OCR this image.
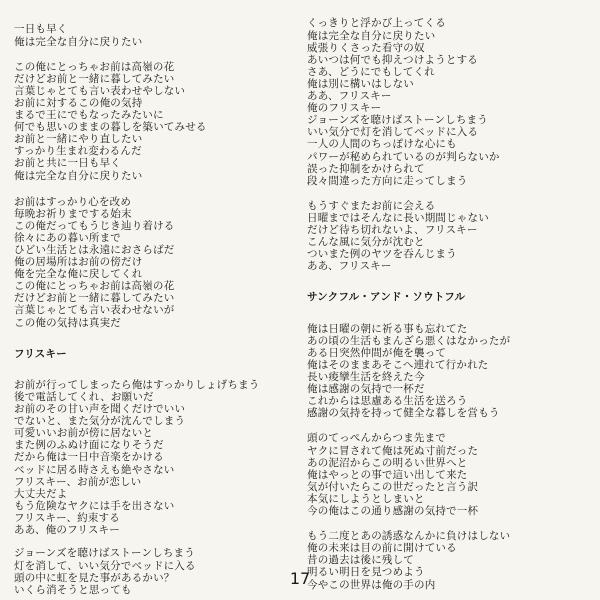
一日も早く
俺は完全な自分に戻りたい
この俺にとっちゃお前は高嶺の花
だけどお前と一緒に暮してみたい
言葉じゃとても言い表わせやしない
お前に対するこの俺の気持
まるで王にでもなったみたいに
何でも思いのままの暮しを築いてみせる
お前と一緒にやり直したい
すっかり生まれ変わるんだ
お前と共に一日も早く
俺は完全な自分に戻りたい
お前はすっかり心を改め
毎晩お祈りまでする始末
この俺だってもうじき辿り着ける
徐々にあの暮い所まで
ひどい生活とは永遠におさらばだ
俺の居場所はお前の傍だけ
俺を完全な俺に戻してくれ
この俺にとっちゃお前は高嶺の花
だけどお前と一緒に暮してみたい
言葉じゃとても言い表わせないが
この俺の気持は真実だ
フリスキー
お前が行ってしまったら俺はすっかりしょげちまう
後で電話してくれ、お願いだ
お前のその甘い声を聞くだけでいい
でないと、また気分が沈んでしまう
可愛いいお前が傍に居ないと
また例のふぬけ面になりそうだ
だから俺は一日中音楽をかける
ベッドに居る時さえも絶やさない
フリスキー、お前が恋しい
大丈夫だよ
もう危険なヤクには手を出さない
フリスキー、約束する
ああ、俺のフリスキー
ジョーンズを聴けばストーンしちまう
灯を消して、いい気分でベッドに入る
頭の中に虹を見た事があるかい？
いくら消そうと思っても
くっきりと浮かび上ってくる
俺は完全な自分に戻りたい
威張りくさった看守の奴
あいつは何でも抑えつけようとする
さあ、どうにでもしてくれ
俺は別に構いはしない
ああ、フリスキー
俺のフリスキー
ジョーンズを聴けばストーンしちまう
いい気分で灯を消してベッドに入る
一人の人間のちっぽけな心にも
パワーが秘められているのが判らないか
誤った抑制をかけられて
段々間違った方向に走ってしまう
もうすぐまたお前に会える
日曜まではそんなに長い期間じゃない
だけど待ち切れないよ、フリスキー
こんな風に気分が沈むと
ついまた例のヤツを吞んじまう
ああ、フリスキー
サンクフル・アンド・ソウトフル
俺は日曜の朝に祈る事も忘れてた
あの頃の生活もまんざら悪くはなかったが
ある日突然仲間が俺を襲って
俺はそのままあそこへ連れて行かれた
長い痠攣生活を終えた今
俺は感謝の気持で一杯だ
これからは思慮ある生活を送ろう
感謝の気持を持って健全な暮しを営もう
頭のてっぺんからつま先まで
ヤクに冒されて俺は死ぬ寸前だった
あの泥沼からこの明るい世界へと
俺はやっとの事で這い出して来た
気が付いたらこの世だったと言う訳
本気にしようとしまいと
今の俺はこの通り感謝の気持で一杯
もう二度とあの誘惑なんかに負けはしない
俺の未来は目の前に開けている
昔の過去は後に残して
明るい明日を見つめよう
今やこの世界は俺の手の内
17
